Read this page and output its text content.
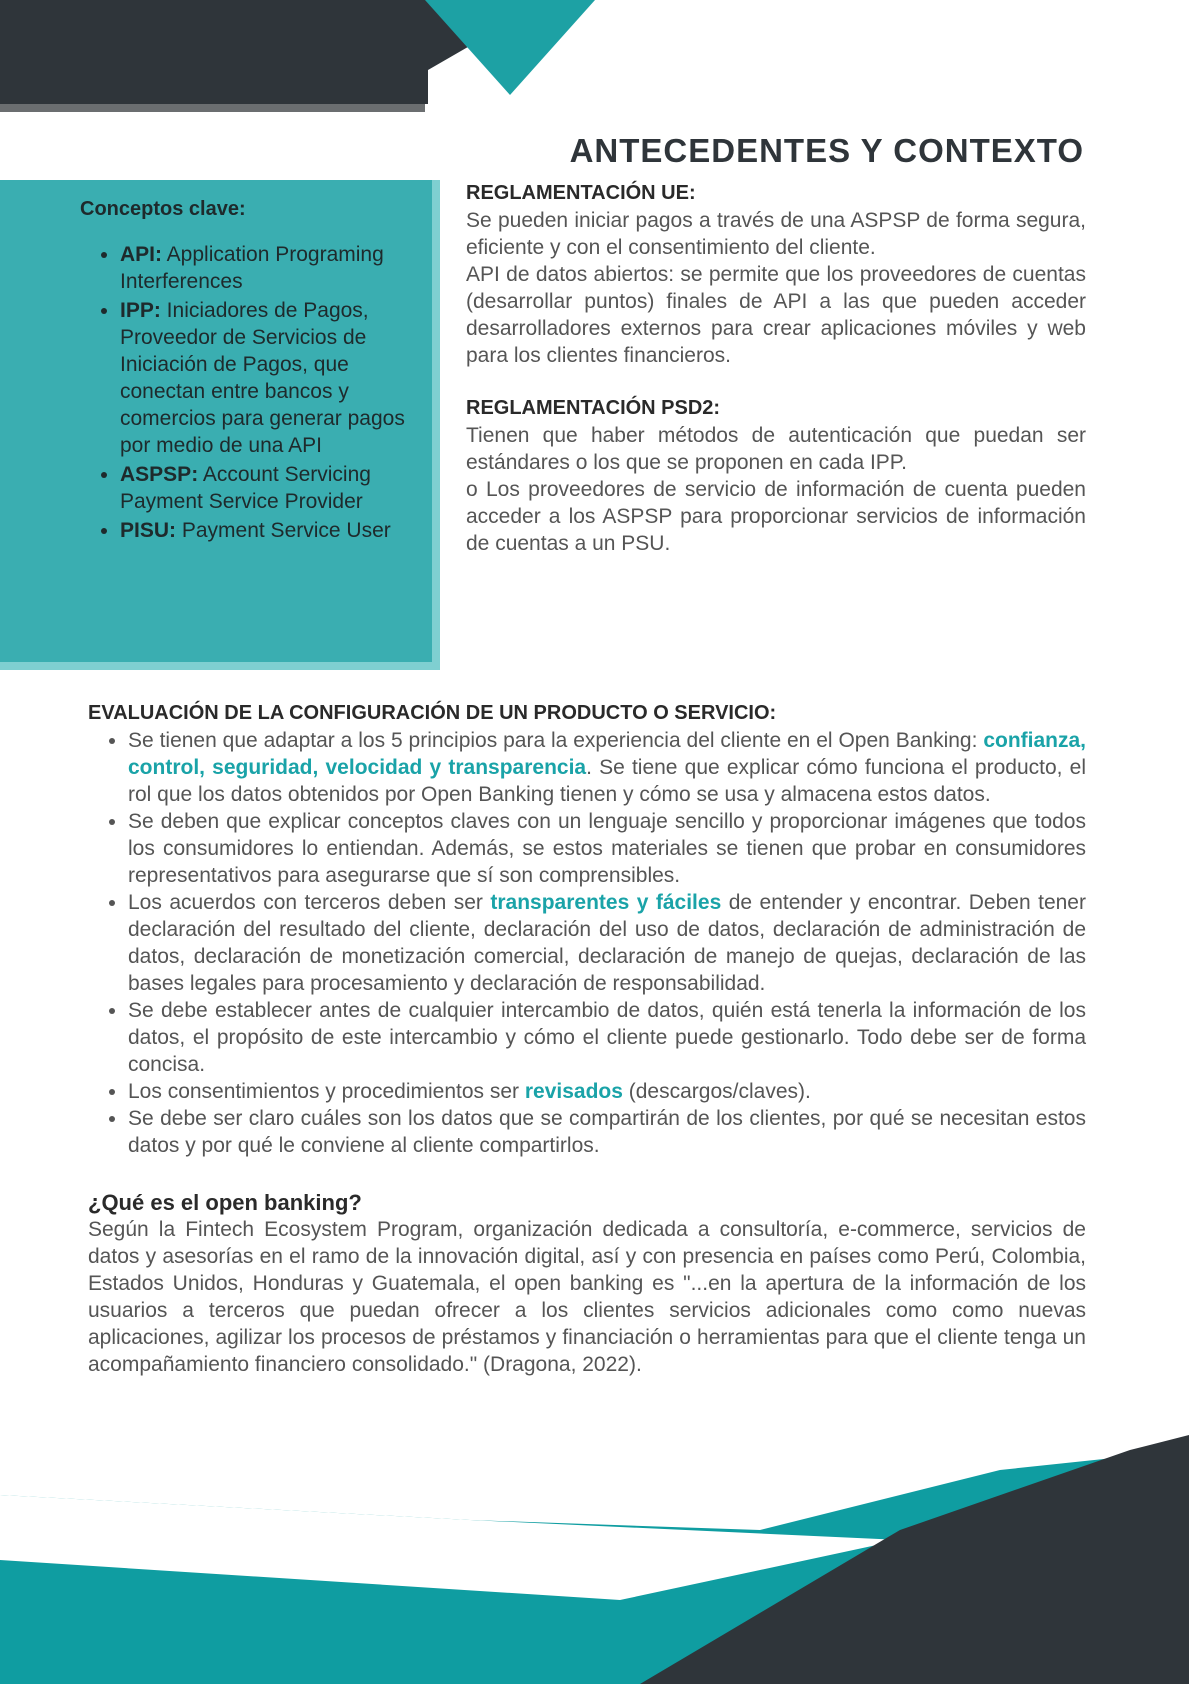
ANTECEDENTES Y CONTEXTO
Conceptos clave:
• API: Application Programing Interferences
• IPP: Iniciadores de Pagos, Proveedor de Servicios de Iniciación de Pagos, que conectan entre bancos y comercios para generar pagos por medio de una API
• ASPSP: Account Servicing Payment Service Provider
• PISU: Payment Service User
REGLAMENTACIÓN UE:

Se pueden iniciar pagos a través de una ASPSP de forma segura, eficiente y con el consentimiento del cliente.

API de datos abiertos: se permite que los proveedores de cuentas (desarrollar puntos) finales de API a las que pueden acceder desarrolladores externos para crear aplicaciones móviles y web para los clientes financieros.

REGLAMENTACIÓN PSD2:

Tienen que haber métodos de autenticación que puedan ser estándares o los que se proponen en cada IPP.

o Los proveedores de servicio de información de cuenta pueden acceder a los ASPSP para proporcionar servicios de información de cuentas a un PSU.

EVALUACIÓN DE LA CONFIGURACIÓN DE UN PRODUCTO O SERVICIO:
• Se tienen que adaptar a los 5 principios para la experiencia del cliente en el Open Banking: confianza, control, seguridad, velocidad y transparencia. Se tiene que explicar cómo funciona el producto, el rol que los datos obtenidos por Open Banking tienen y cómo se usa y almacena estos datos.
• Se deben que explicar conceptos claves con un lenguaje sencillo y proporcionar imágenes que todos los consumidores lo entiendan. Además, se estos materiales se tienen que probar en consumidores representativos para asegurarse que sí son comprensibles.
• Los acuerdos con terceros deben ser transparentes y fáciles de entender y encontrar. Deben tener declaración del resultado del cliente, declaración del uso de datos, declaración de administración de datos, declaración de monetización comercial, declaración de manejo de quejas, declaración de las bases legales para procesamiento y declaración de responsabilidad.
• Se debe establecer antes de cualquier intercambio de datos, quién está tenerla la información de los datos, el propósito de este intercambio y cómo el cliente puede gestionarlo. Todo debe ser de forma concisa.
• Los consentimientos y procedimientos ser revisados (descargos/claves).
• Se debe ser claro cuáles son los datos que se compartirán de los clientes, por qué se necesitan estos datos y por qué le conviene al cliente compartirlos.

¿Qué es el open banking?

Según la Fintech Ecosystem Program, organización dedicada a consultoría, e-commerce, servicios de datos y asesorías en el ramo de la innovación digital, así y con presencia en países como Perú, Colombia, Estados Unidos, Honduras y Guatemala, el open banking es "...en la apertura de la información de los usuarios a terceros que puedan ofrecer a los clientes servicios adicionales como como nuevas aplicaciones, agilizar los procesos de préstamos y financiación o herramientas para que el cliente tenga un acompañamiento financiero consolidado." (Dragona, 2022).
